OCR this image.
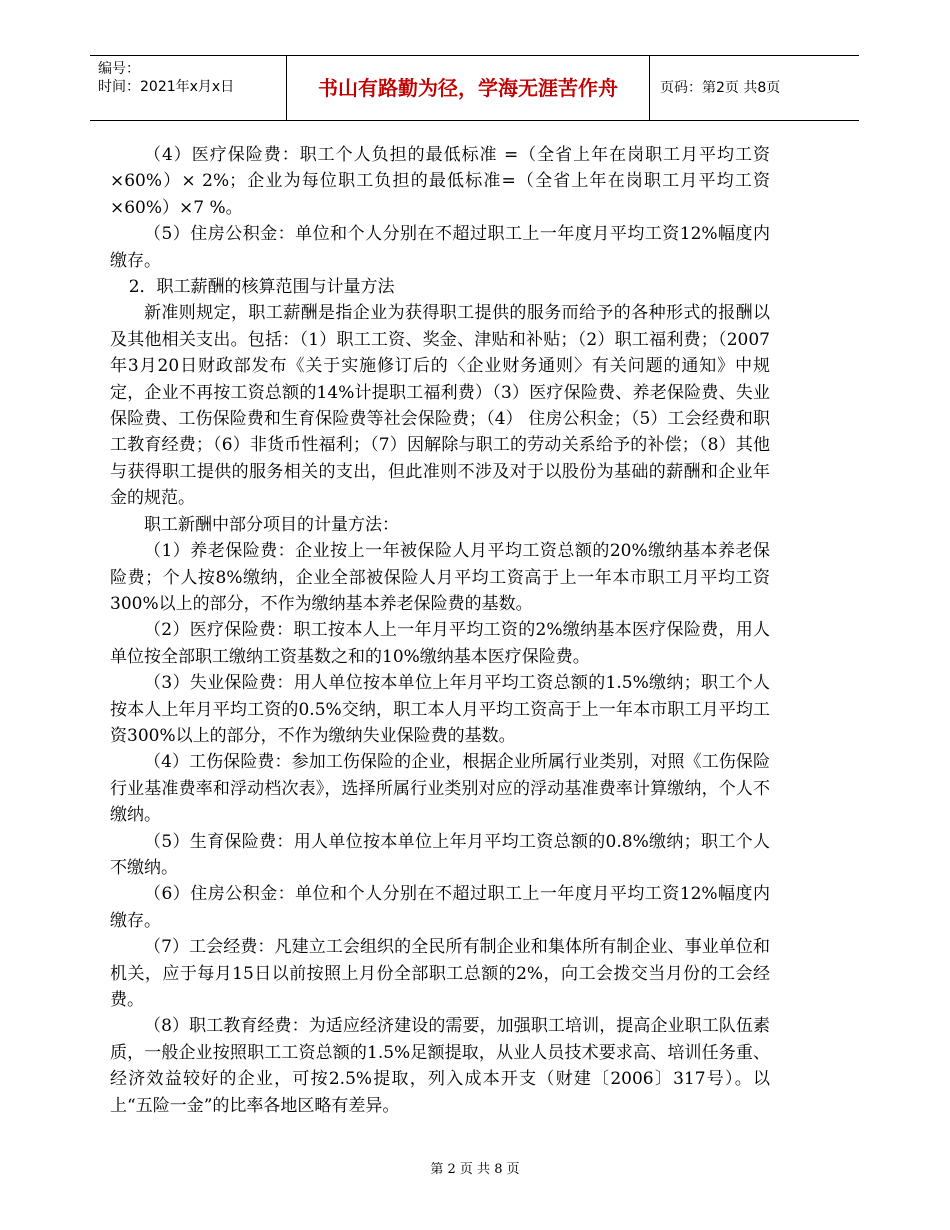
编号：
时间：2021年x月x日	书山有路勤为径，学海无涯苦作舟	页码：第2页 共8页

（4）医疗保险费：职工个人负担的最低标准 =（全省上年在岗职工月平均工资×60%）× 2%；企业为每位职工负担的最低标准=（全省上年在岗职工月平均工资×60%）×7 %。

（5）住房公积金：单位和个人分别在不超过职工上一年度月平均工资12%幅度内缴存。

2．职工薪酬的核算范围与计量方法

新准则规定，职工薪酬是指企业为获得职工提供的服务而给予的各种形式的报酬以及其他相关支出。包括：（1）职工工资、奖金、津贴和补贴；（2）职工福利费；（2007年3月20日财政部发布《关于实施修订后的〈企业财务通则〉有关问题的通知》中规定，企业不再按工资总额的14%计提职工福利费）（3）医疗保险费、养老保险费、失业保险费、工伤保险费和生育保险费等社会保险费；（4） 住房公积金；（5）工会经费和职工教育经费；（6）非货币性福利；（7）因解除与职工的劳动关系给予的补偿；（8）其他与获得职工提供的服务相关的支出，但此准则不涉及对于以股份为基础的薪酬和企业年金的规范。

职工新酬中部分项目的计量方法：

（1）养老保险费：企业按上一年被保险人月平均工资总额的20%缴纳基本养老保险费；个人按8%缴纳，企业全部被保险人月平均工资高于上一年本市职工月平均工资300%以上的部分，不作为缴纳基本养老保险费的基数。

（2）医疗保险费：职工按本人上一年月平均工资的2%缴纳基本医疗保险费，用人单位按全部职工缴纳工资基数之和的10%缴纳基本医疗保险费。

（3）失业保险费：用人单位按本单位上年月平均工资总额的1.5%缴纳；职工个人按本人上年月平均工资的0.5%交纳，职工本人月平均工资高于上一年本市职工月平均工资300%以上的部分，不作为缴纳失业保险费的基数。

（4）工伤保险费：参加工伤保险的企业，根据企业所属行业类别，对照《工伤保险行业基准费率和浮动档次表》，选择所属行业类别对应的浮动基准费率计算缴纳，个人不缴纳。

（5）生育保险费：用人单位按本单位上年月平均工资总额的0.8%缴纳；职工个人不缴纳。

（6）住房公积金：单位和个人分别在不超过职工上一年度月平均工资12%幅度内缴存。

（7）工会经费：凡建立工会组织的全民所有制企业和集体所有制企业、事业单位和机关，应于每月15日以前按照上月份全部职工总额的2%，向工会拨交当月份的工会经费。

（8）职工教育经费：为适应经济建设的需要，加强职工培训，提高企业职工队伍素质，一般企业按照职工工资总额的1.5%足额提取，从业人员技术要求高、培训任务重、经济效益较好的企业，可按2.5%提取，列入成本开支（财建〔2006〕317号）。以上“五险一金”的比率各地区略有差异。

第 2 页 共 8 页
